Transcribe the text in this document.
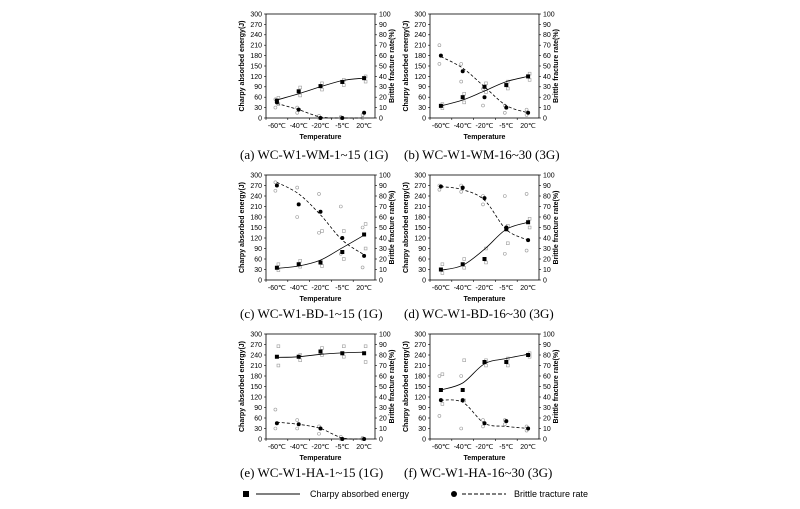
0
30
60
90
120
150
180
210
240
270
300
0
10
20
30
40
50
60
70
80
90
100
-60℃ -40℃ -20℃ -5℃ 20℃
Temperature
Charpy absorbed energy(J)	Brittle fracture rate(%)
(a) WC-W1-WM-1~15 (1G)
0
30
60
90
120
150
180
210
240
270
300
0
10
20
30
40
50
60
70
80
90
100
-60℃ -40℃ -20℃ -5℃ 20℃
Temperature
Charpy absorbed energy(J)	Brittle fracture rate(%)
(b) WC-W1-WM-16~30 (3G)
0
30
60
90
120
150
180
210
240
270
300
0
10
20
30
40
50
60
70
80
90
100
-60℃ -40℃ -20℃ -5℃ 20℃
Temperature
Charpy absorbed energy(J)	Brittle fracture rate(%)
(c) WC-W1-BD-1~15 (1G)
0
30
60
90
120
150
180
210
240
270
300
0
10
20
30
40
50
60
70
80
90
100
-60℃ -40℃ -20℃ -5℃ 20℃
Temperature
Charpy absorbed energy(J)	Brittle fracture rate(%)
(d) WC-W1-BD-16~30 (3G)
0
30
60
90
120
150
180
210
240
270
300
0
10
20
30
40
50
60
70
80
90
100
-60℃ -40℃ -20℃ -5℃ 20℃
Temperature
Charpy absorbed energy(J)	Brittle fracture rate(%)
(e) WC-W1-HA-1~15 (1G)
0
30
60
90
120
150
180
210
240
270
300
0
10
20
30
40
50
60
70
80
90
100
-60℃ -40℃ -20℃ -5℃ 20℃
Temperature
Charpy absorbed energy(J)	Brittle fracture rate(%)
(f) WC-W1-HA-16~30 (3G)
Charpy absorbed energy	Brittle tracture rate
